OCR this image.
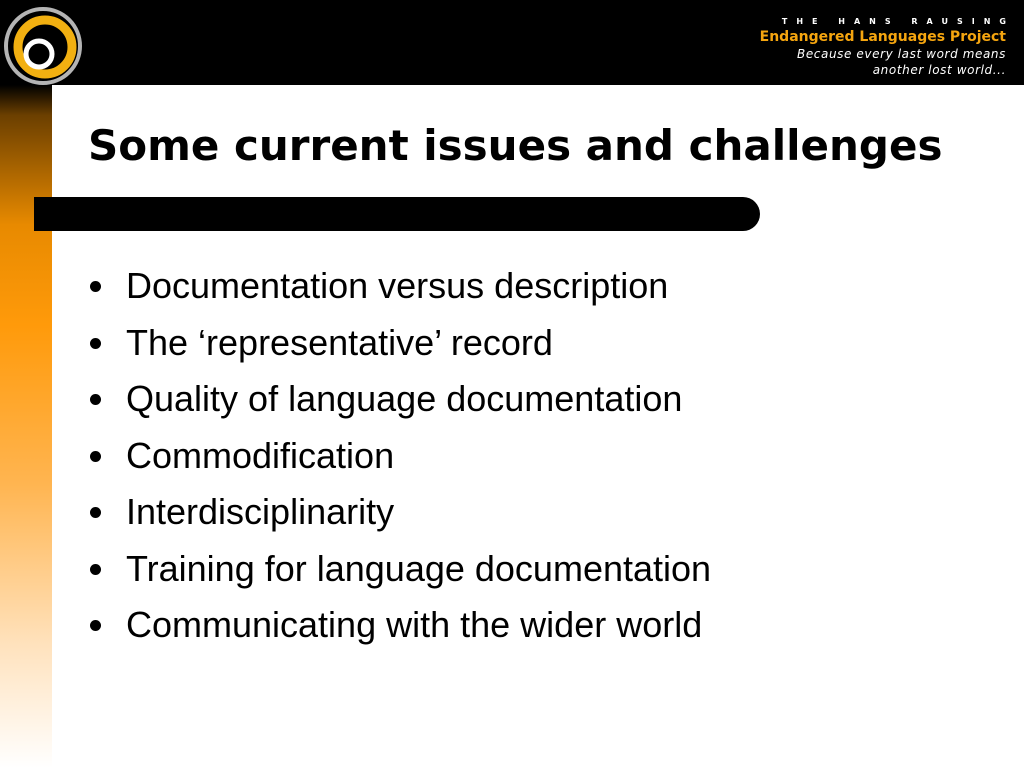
THE HANS RAUSING
Endangered Languages Project
Because every last word means
another lost world...
Some current issues and challenges
Documentation versus description
The ‘representative’ record
Quality of language documentation
Commodification
Interdisciplinarity
Training for language documentation
Communicating with the wider world
